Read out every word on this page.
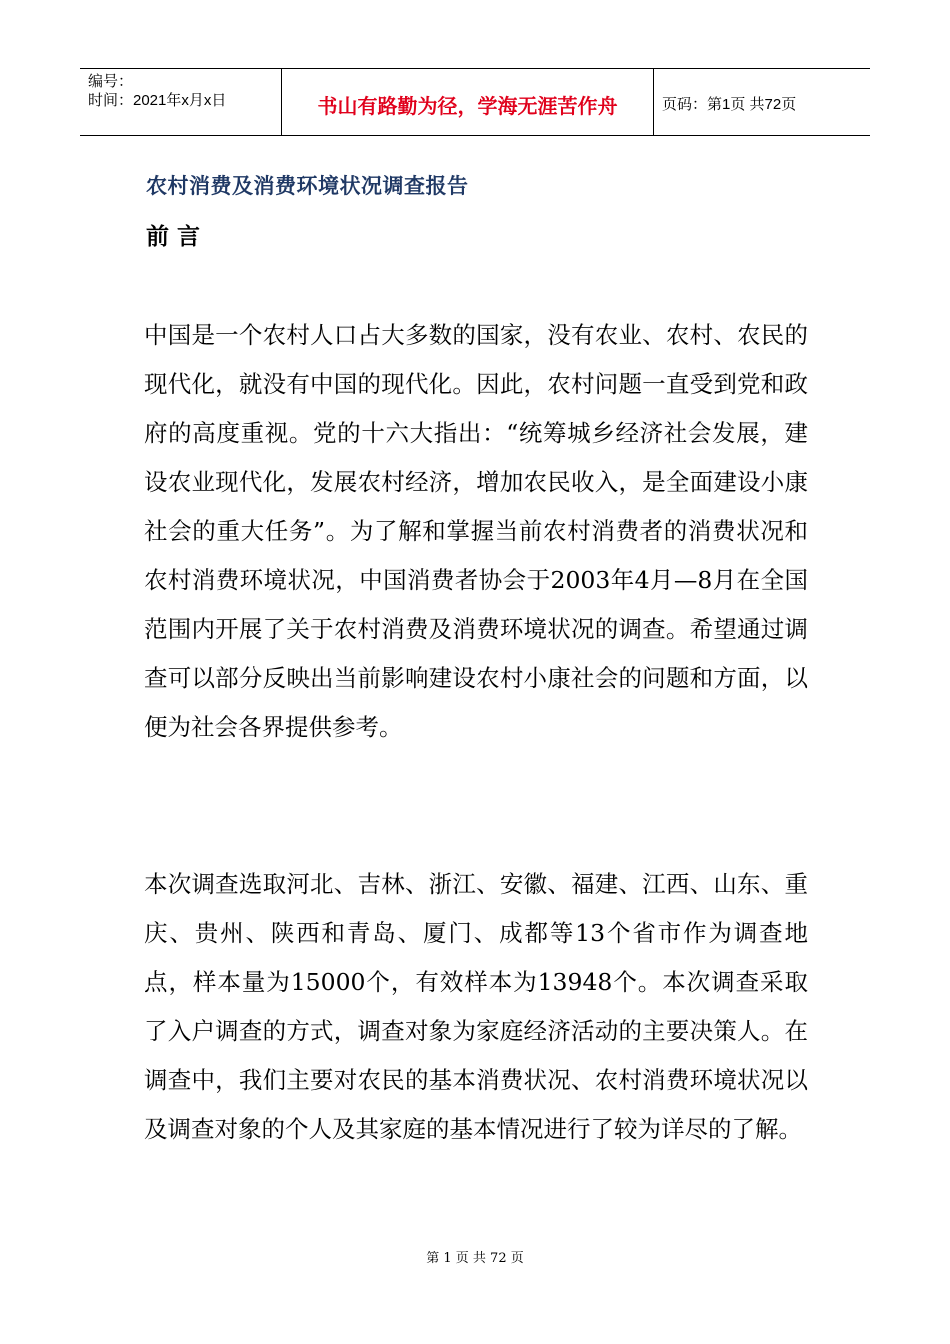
编号：
时间：2021年x月x日	书山有路勤为径，学海无涯苦作舟	页码：第1页 共72页
农村消费及消费环境状况调查报告
前 言

中国是一个农村人口占大多数的国家，没有农业、农村、农民的现代化，就没有中国的现代化。因此，农村问题一直受到党和政府的高度重视。党的十六大指出：“统筹城乡经济社会发展，建设农业现代化，发展农村经济，增加农民收入，是全面建设小康社会的重大任务”。为了解和掌握当前农村消费者的消费状况和农村消费环境状况，中国消费者协会于2003年4月—8月在全国范围内开展了关于农村消费及消费环境状况的调查。希望通过调查可以部分反映出当前影响建设农村小康社会的问题和方面，以便为社会各界提供参考。

本次调查选取河北、吉林、浙江、安徽、福建、江西、山东、重庆、贵州、陕西和青岛、厦门、成都等13个省市作为调查地点，样本量为15000个，有效样本为13948个。本次调查采取了入户调查的方式，调查对象为家庭经济活动的主要决策人。在调查中，我们主要对农民的基本消费状况、农村消费环境状况以及调查对象的个人及其家庭的基本情况进行了较为详尽的了解。

第 1 页 共 72 页
